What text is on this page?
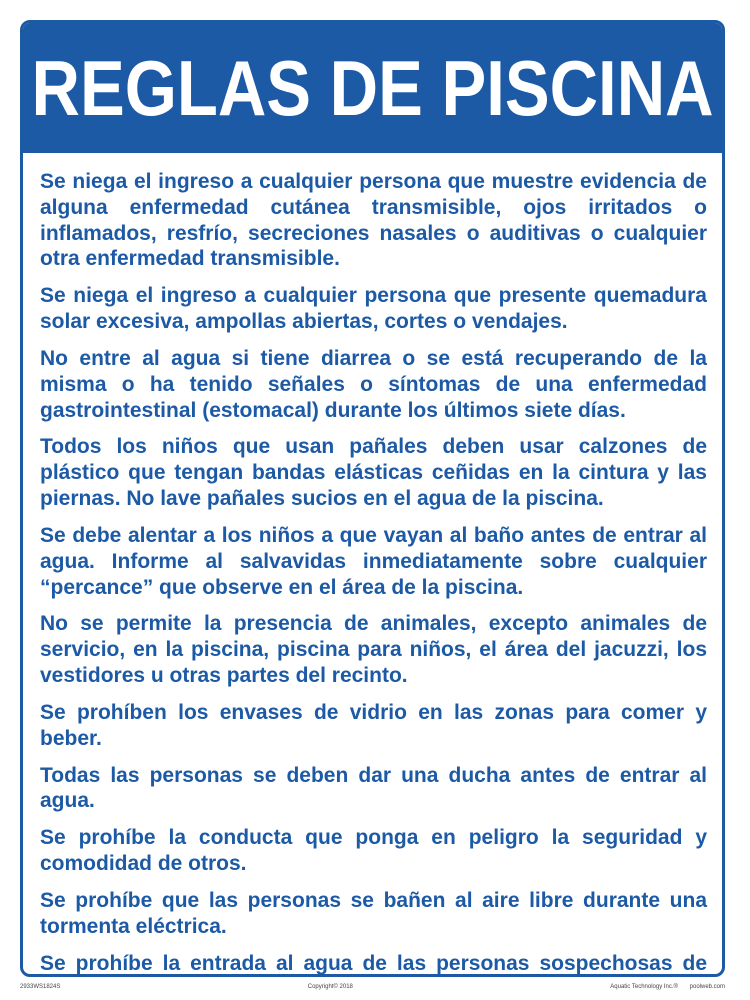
REGLAS DE PISCINA
Se niega el ingreso a cualquier persona que muestre evidencia de alguna enfermedad cutánea transmisible, ojos irritados o inflamados, resfrío, secreciones nasales o auditivas o cualquier otra enfermedad transmisible.
Se niega el ingreso a cualquier persona que presente quemadura solar excesiva, ampollas abiertas, cortes o vendajes.
No entre al agua si tiene diarrea o se está recuperando de la misma o ha tenido señales o síntomas de una enfermedad gastrointestinal (estomacal) durante los últimos siete días.
Todos los niños que usan pañales deben usar calzones de plástico que tengan bandas elásticas ceñidas en la cintura y las piernas. No lave pañales sucios en el agua de la piscina.
Se debe alentar a los niños a que vayan al baño antes de entrar al agua. Informe al salvavidas inmediatamente sobre cualquier “percance” que observe en el área de la piscina.
No se permite la presencia de animales, excepto animales de servicio, en la piscina, piscina para niños, el área del jacuzzi, los vestidores u otras partes del recinto.
Se prohíben los envases de vidrio en las zonas para comer y beber.
Todas las personas se deben dar una ducha antes de entrar al agua.
Se prohíbe la conducta que ponga en peligro la seguridad y comodidad de otros.
Se prohíbe que las personas se bañen al aire libre durante una tormenta eléctrica.
Se prohíbe la entrada al agua de las personas sospechosas de
2933WS1824S	Copyright© 2018	Aquatic Technology Inc.® poolweb.com
